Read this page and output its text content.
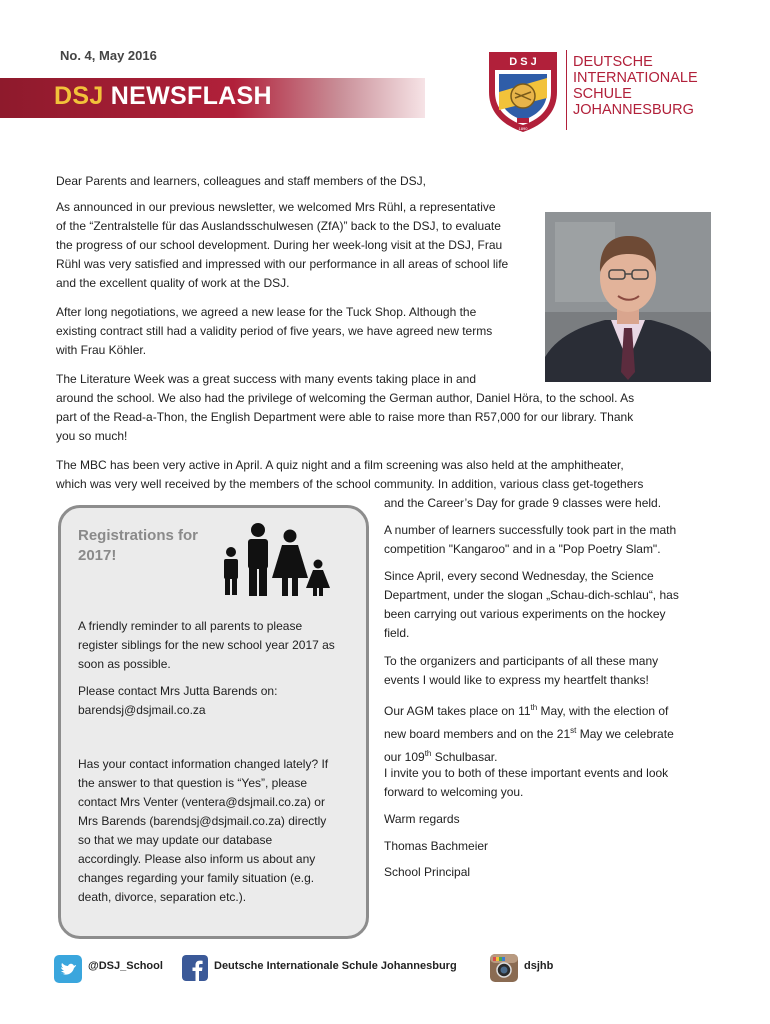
No. 4, May 2016
DSJ NEWSFLASH
D S J
1890
DEUTSCHE
INTERNATIONALE
SCHULE
JOHANNESBURG

Dear Parents and learners, colleagues and staff members of the DSJ,

As announced in our previous newsletter, we welcomed Mrs Rühl, a representative
of the “Zentralstelle für das Auslandsschulwesen (ZfA)” back to the DSJ, to evaluate
the progress of our school development. During her week-long visit at the DSJ, Frau
Rühl was very satisfied and impressed with our performance in all areas of school life
and the excellent quality of work at the DSJ.

After long negotiations, we agreed a new lease for the Tuck Shop. Although the
existing contract still had a validity period of five years, we have agreed new terms
with Frau Köhler.

The Literature Week was a great success with many events taking place in and
around the school. We also had the privilege of welcoming the German author, Daniel Höra, to the school. As
part of the Read-a-Thon, the English Department were able to raise more than R57,000 for our library. Thank
you so much!

The MBC has been very active in April. A quiz night and a film screening was also held at the amphitheater,
which was very well received by the members of the school community. In addition, various class get-togethers

and the Career’s Day for grade 9 classes were held.

A number of learners successfully took part in the math
competition "Kangaroo" and in a "Pop Poetry Slam".

Since April, every second Wednesday, the Science
Department, under the slogan „Schau-dich-schlau“, has
been carrying out various experiments on the hockey
field.

To the organizers and participants of all these many
events I would like to express my heartfelt thanks!

Our AGM takes place on 11th May, with the election of
new board members and on the 21st May we celebrate
our 109th Schulbasar.

I invite you to both of these important events and look
forward to welcoming you.

Warm regards

Thomas Bachmeier

School Principal

Registrations for
2017!

A friendly reminder to all parents to please
register siblings for the new school year 2017 as
soon as possible.

Please contact Mrs Jutta Barends on:
barendsj@dsjmail.co.za

Has your contact information changed lately? If
the answer to that question is “Yes”, please
contact Mrs Venter (ventera@dsjmail.co.za) or
Mrs Barends (barendsj@dsjmail.co.za) directly
so that we may update our database
accordingly. Please also inform us about any
changes regarding your family situation (e.g.
death, divorce, separation etc.).

@DSJ_School	Deutsche Internationale Schule Johannesburg	dsjhb
